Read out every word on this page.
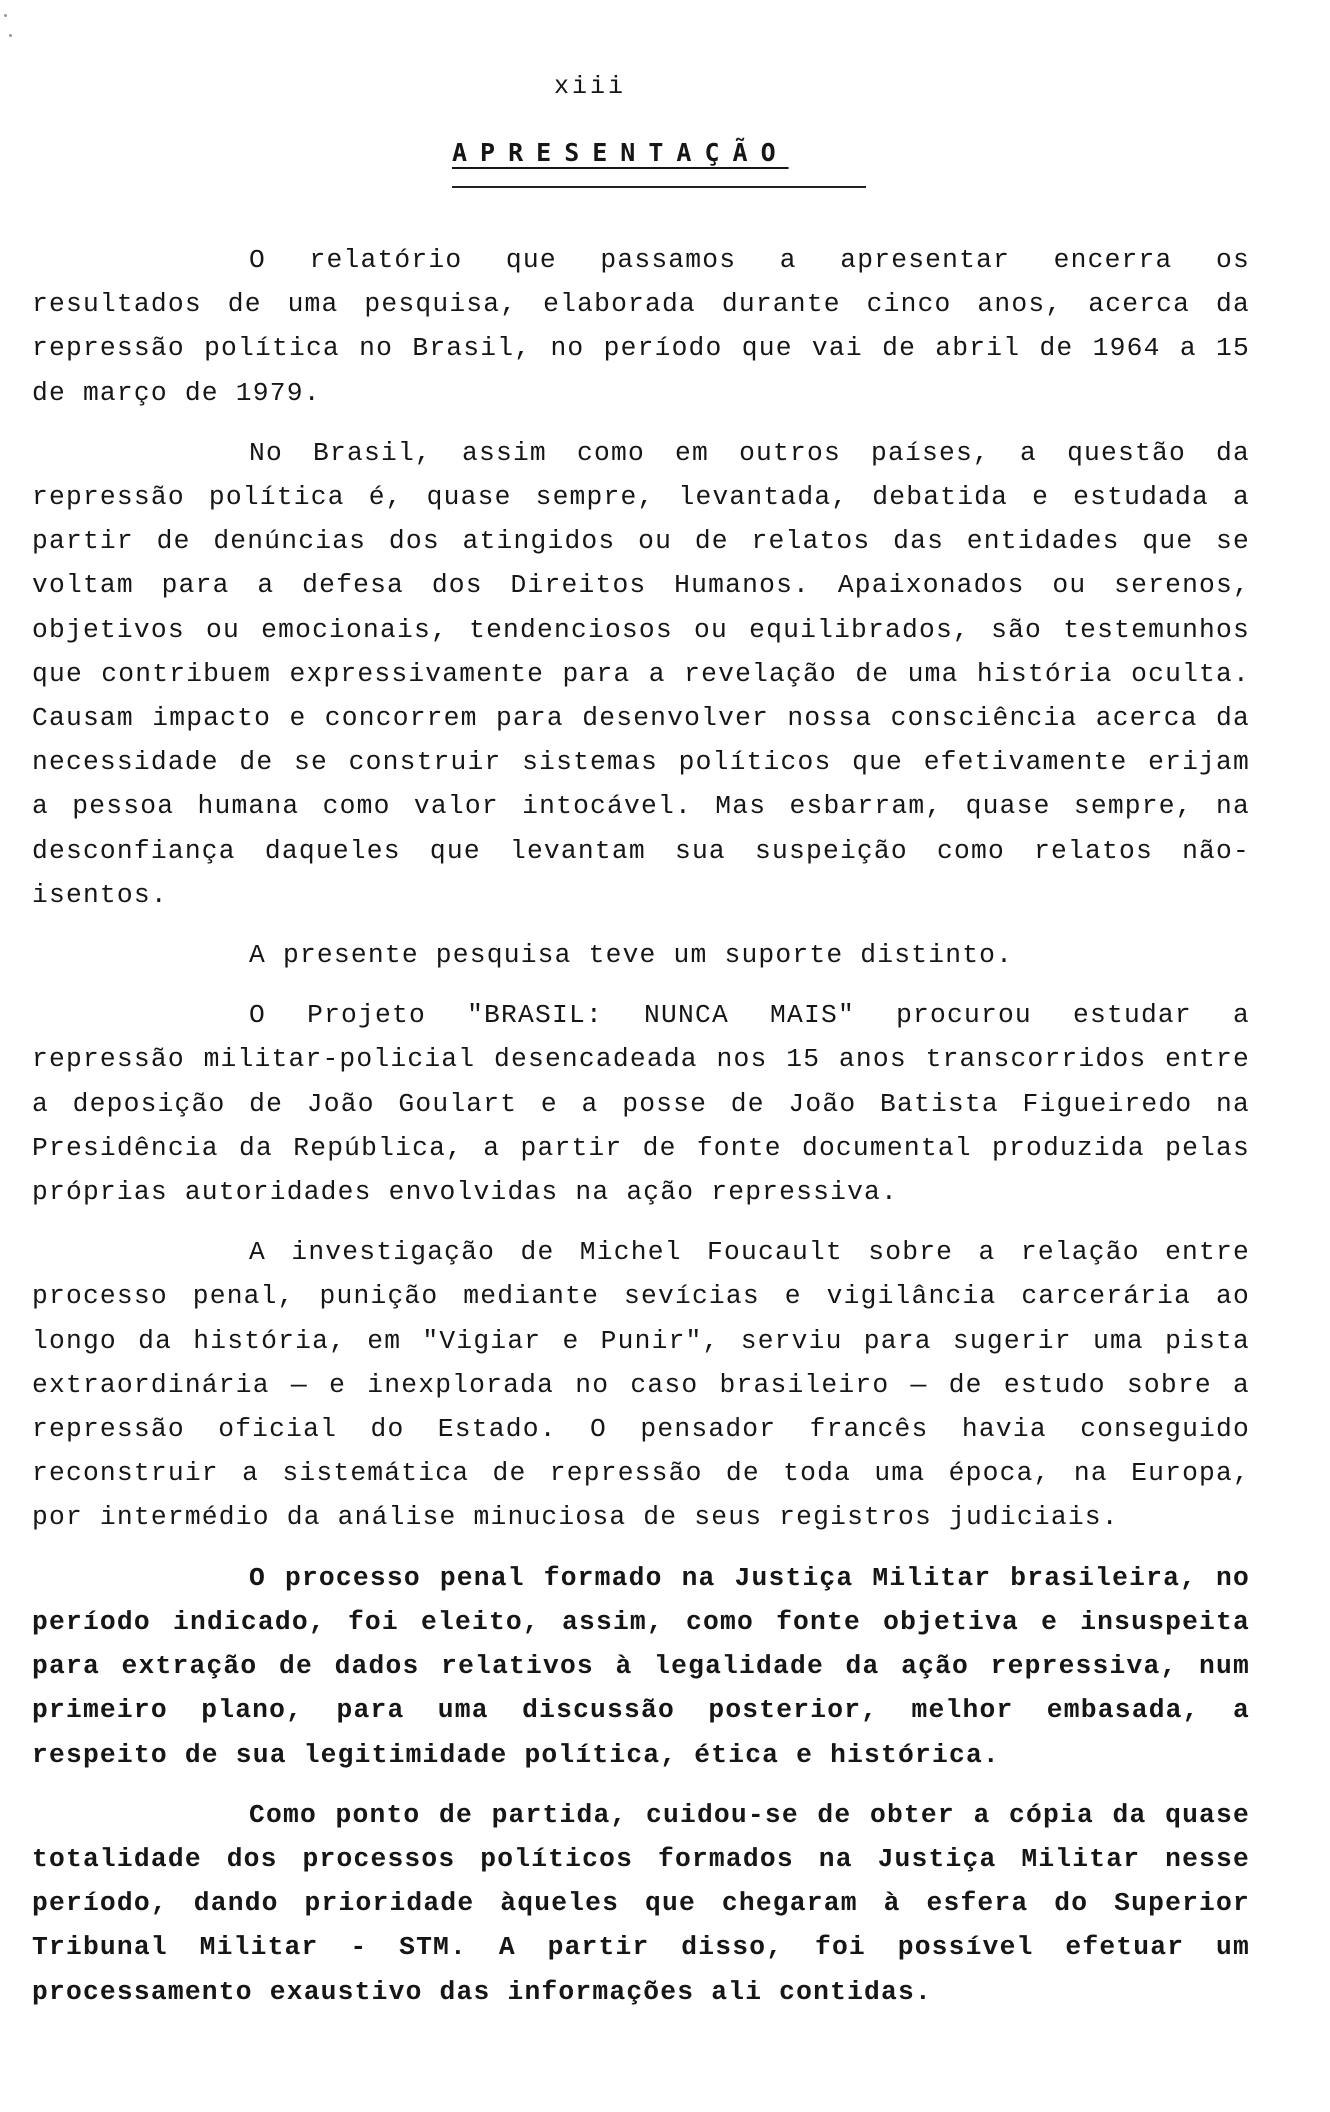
xiii
APRESENTAÇÃO

O relatório que passamos a apresentar encerra os resultados de uma pesquisa, elaborada durante cinco anos, acerca da repressão política no Brasil, no período que vai de abril de 1964 a 15 de março de 1979.

No Brasil, assim como em outros países, a questão da repressão política é, quase sempre, levantada, debatida e estudada a partir de denúncias dos atingidos ou de relatos das entidades que se voltam para a defesa dos Direitos Humanos. Apaixonados ou serenos, objetivos ou emocionais, tendenciosos ou equilibrados, são testemunhos que contribuem expressivamente para a revelação de uma história oculta. Causam impacto e concorrem para desenvolver nossa consciência acerca da necessidade de se construir sistemas políticos que efetivamente erijam a pessoa humana como valor intocável. Mas esbarram, quase sempre, na desconfiança daqueles que levantam sua suspeição como relatos não-isentos.

A presente pesquisa teve um suporte distinto.

O Projeto "BRASIL: NUNCA MAIS" procurou estudar a repressão militar-policial desencadeada nos 15 anos transcorridos entre a deposição de João Goulart e a posse de João Batista Figueiredo na Presidência da República, a partir de fonte documental produzida pelas próprias autoridades envolvidas na ação repressiva.

A investigação de Michel Foucault sobre a relação entre processo penal, punição mediante sevícias e vigilância carcerária ao longo da história, em "Vigiar e Punir", serviu para sugerir uma pista extraordinária — e inexplorada no caso brasileiro — de estudo sobre a repressão oficial do Estado. O pensador francês havia conseguido reconstruir a sistemática de repressão de toda uma época, na Europa, por intermédio da análise minuciosa de seus registros judiciais.

O processo penal formado na Justiça Militar brasileira, no período indicado, foi eleito, assim, como fonte objetiva e insuspeita para extração de dados relativos à legalidade da ação repressiva, num primeiro plano, para uma discussão posterior, melhor embasada, a respeito de sua legitimidade política, ética e histórica.

Como ponto de partida, cuidou-se de obter a cópia da quase totalidade dos processos políticos formados na Justiça Militar nesse período, dando prioridade àqueles que chegaram à esfera do Superior Tribunal Militar - STM. A partir disso, foi possível efetuar um processamento exaustivo das informações ali contidas.
